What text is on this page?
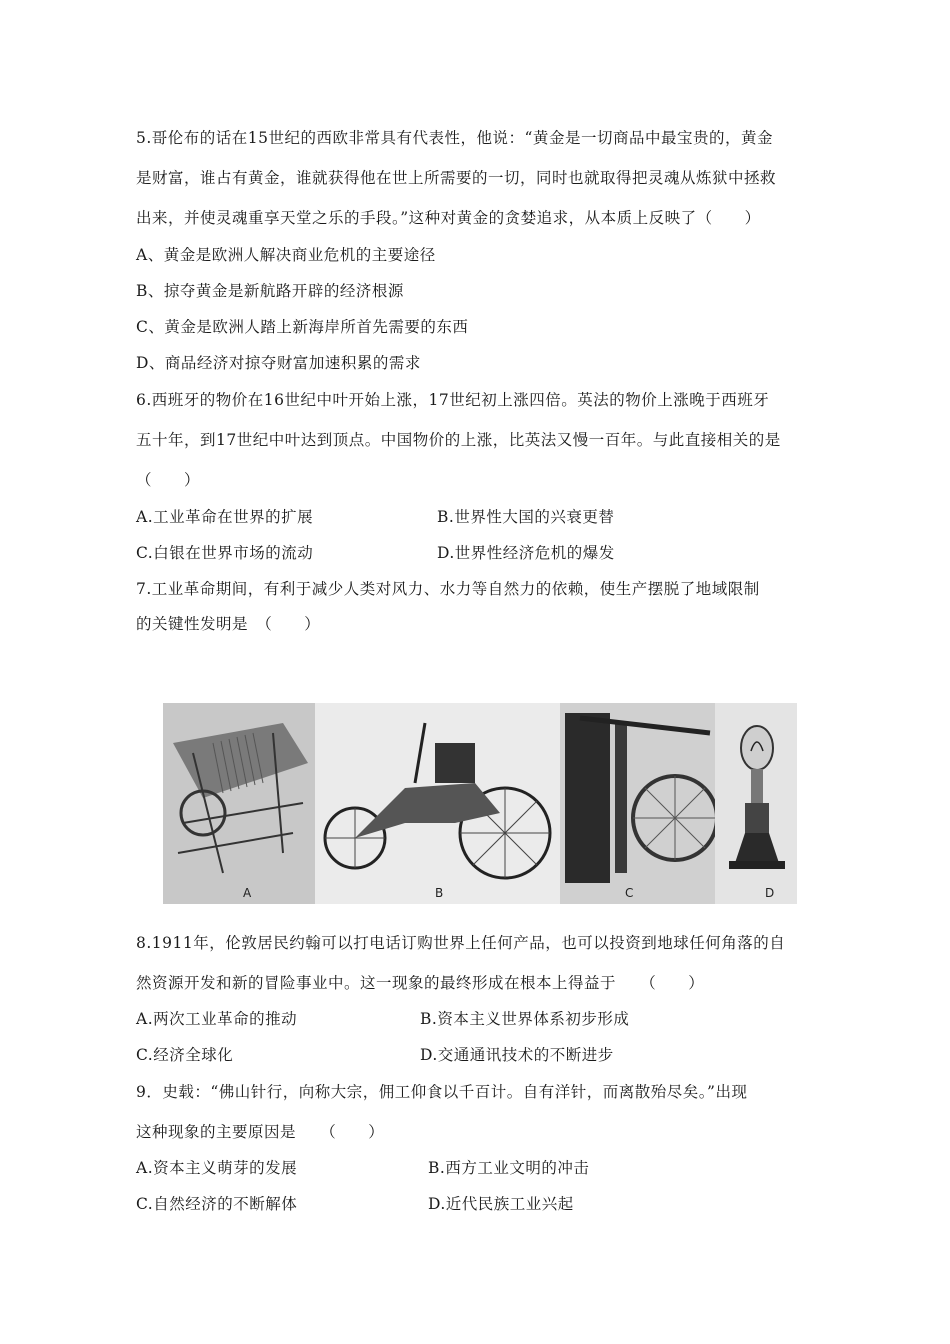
5.哥伦布的话在15世纪的西欧非常具有代表性，他说：“黄金是一切商品中最宝贵的，黄金
是财富，谁占有黄金，谁就获得他在世上所需要的一切，同时也就取得把灵魂从炼狱中拯救
出来，并使灵魂重享天堂之乐的手段。”这种对黄金的贪婪追求，从本质上反映了（　　）
A、黄金是欧洲人解决商业危机的主要途径
B、掠夺黄金是新航路开辟的经济根源
C、黄金是欧洲人踏上新海岸所首先需要的东西
D、商品经济对掠夺财富加速积累的需求
6.西班牙的物价在16世纪中叶开始上涨，17世纪初上涨四倍。英法的物价上涨晚于西班牙
五十年，到17世纪中叶达到顶点。中国物价的上涨，比英法又慢一百年。与此直接相关的是
（　　）
A.工业革命在世界的扩展	B.世界性大国的兴衰更替
C.白银在世界市场的流动	D.世界性经济危机的爆发
7.工业革命期间，有利于减少人类对风力、水力等自然力的依赖，使生产摆脱了地域限制
的关键性发明是　（　　）
A	B	C	D
8.1911年，伦敦居民约翰可以打电话订购世界上任何产品，也可以投资到地球任何角落的自
然资源开发和新的冒险事业中。这一现象的最终形成在根本上得益于　　（　　）
A.两次工业革命的推动	B.资本主义世界体系初步形成
C.经济全球化	D.交通通讯技术的不断进步
9．史载：“佛山针行，向称大宗，佣工仰食以千百计。自有洋针，而离散殆尽矣。”出现
这种现象的主要原因是　　（　　）
A.资本主义萌芽的发展	B.西方工业文明的冲击
C.自然经济的不断解体	D.近代民族工业兴起
